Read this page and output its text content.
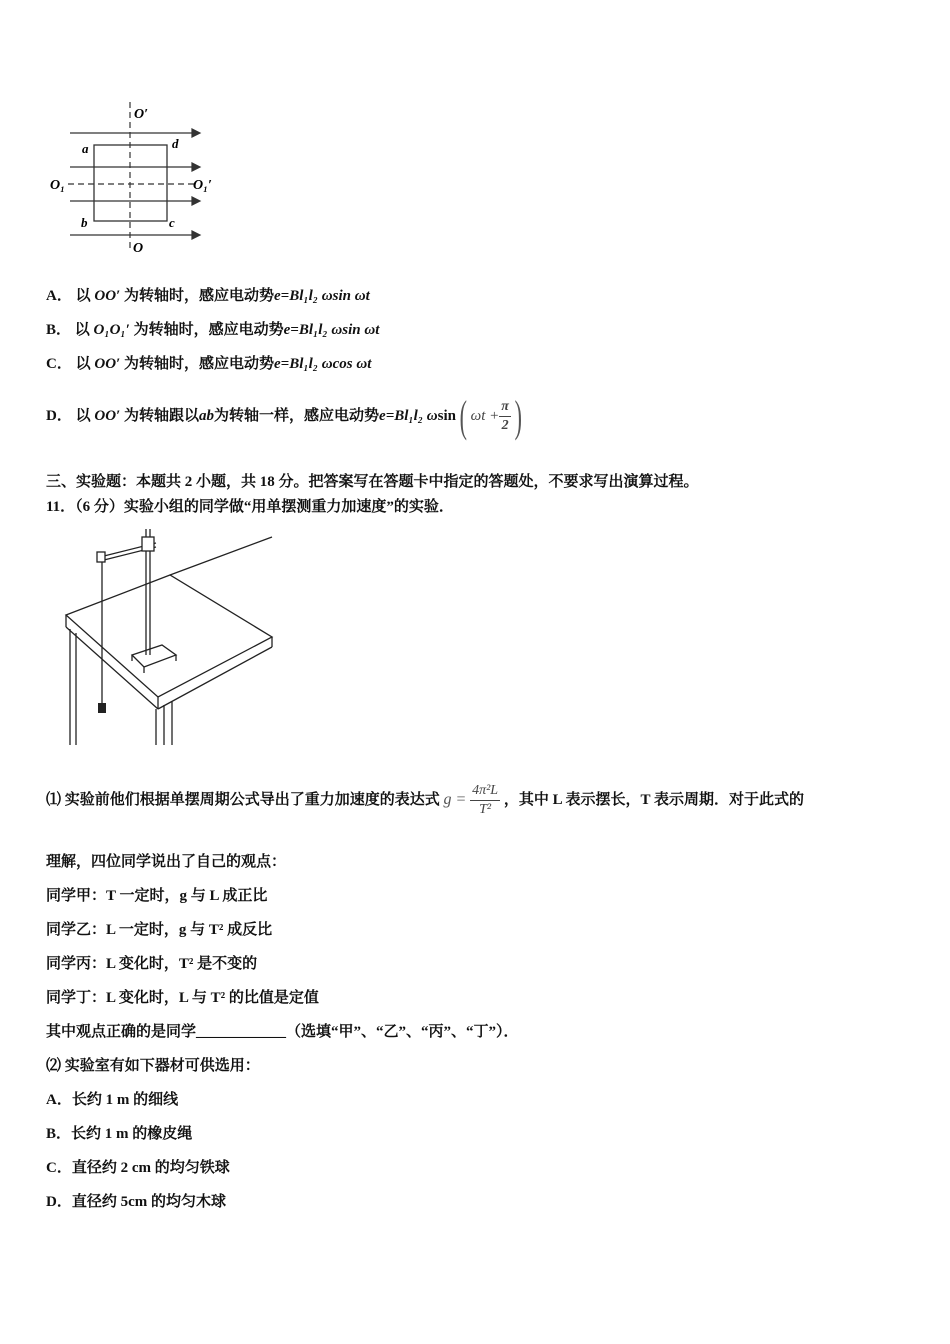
O′
O
O₁	O₁′
a	d
b	c
A． 以 OO′ 为转轴时，感应电动势e=Bl₁l₂ ωsin ωt
B． 以 O₁O₁′ 为转轴时，感应电动势e=Bl₁l₂ ωsin ωt
C． 以 OO′ 为转轴时，感应电动势e=Bl₁l₂ ωcos ωt
D． 以 OO′ 为转轴跟以ab为转轴一样，感应电动势e=Bl₁l₂ ωsin( $\omega t + \frac{\pi}{2}$ )
三、实验题：本题共 2 小题，共 18 分。把答案写在答题卡中指定的答题处，不要求写出演算过程。
11．（6 分）实验小组的同学做“用单摆测重力加速度”的实验．
⑴ 实验前他们根据单摆周期公式导出了重力加速度的表达式 $g = \frac{\text{4π²L}}{\text{T²}}$ ，其中 L 表示摆长，T 表示周期．对于此式的
理解，四位同学说出了自己的观点：
同学甲：T 一定时，g 与 L 成正比
同学乙：L 一定时，g 与 T² 成反比
同学丙：L 变化时，T² 是不变的
同学丁：L 变化时，L 与 T² 的比值是定值
其中观点正确的是同学____________（选填“甲”、“乙”、“丙”、“丁”）．
⑵ 实验室有如下器材可供选用：
A．长约 1 m 的细线
B．长约 1 m 的橡皮绳
C．直径约 2 cm 的均匀铁球
D．直径约 5cm 的均匀木球
